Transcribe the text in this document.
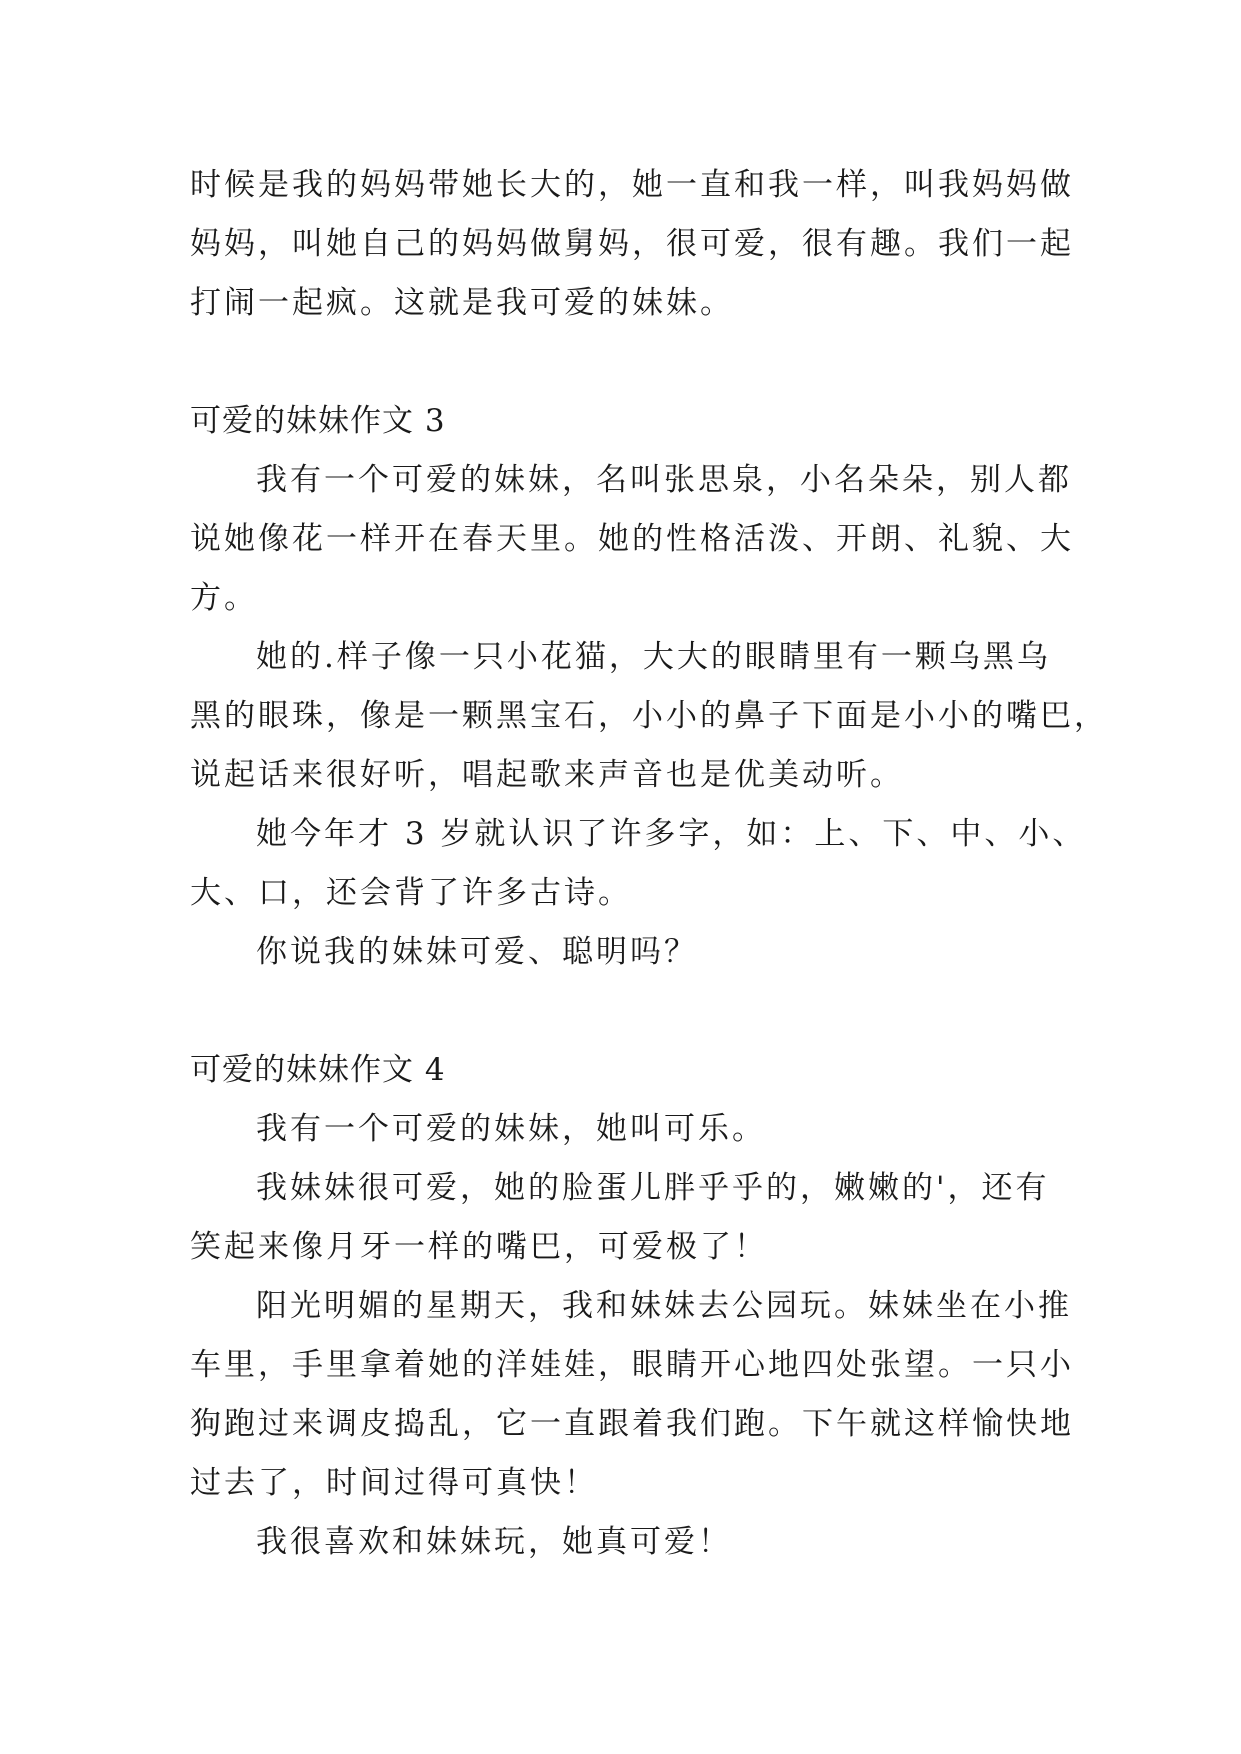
时候是我的妈妈带她长大的，她一直和我一样，叫我妈妈做
妈妈，叫她自己的妈妈做舅妈，很可爱，很有趣。我们一起
打闹一起疯。这就是我可爱的妹妹。
可爱的妹妹作文 3
我有一个可爱的妹妹，名叫张思泉，小名朵朵，别人都
说她像花一样开在春天里。她的性格活泼、开朗、礼貌、大
方。
她的.样子像一只小花猫，大大的眼睛里有一颗乌黑乌
黑的眼珠，像是一颗黑宝石，小小的鼻子下面是小小的嘴巴，
说起话来很好听，唱起歌来声音也是优美动听。
她今年才 3 岁就认识了许多字，如：上、下、中、小、
大、口，还会背了许多古诗。
你说我的妹妹可爱、聪明吗？
可爱的妹妹作文 4
我有一个可爱的妹妹，她叫可乐。
我妹妹很可爱，她的脸蛋儿胖乎乎的，嫩嫩的'，还有
笑起来像月牙一样的嘴巴，可爱极了！
阳光明媚的星期天，我和妹妹去公园玩。妹妹坐在小推
车里，手里拿着她的洋娃娃，眼睛开心地四处张望。一只小
狗跑过来调皮捣乱，它一直跟着我们跑。下午就这样愉快地
过去了，时间过得可真快！
我很喜欢和妹妹玩，她真可爱！
